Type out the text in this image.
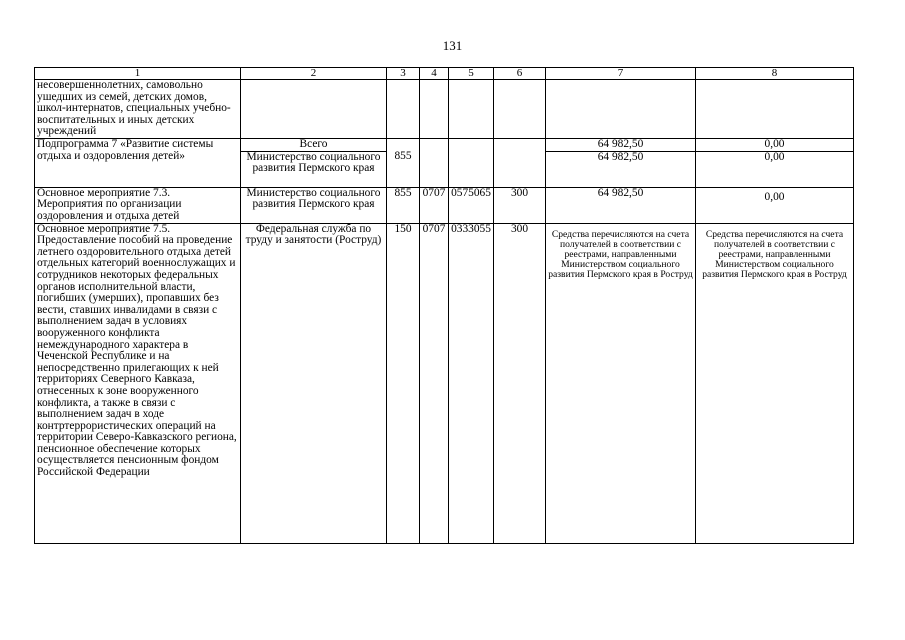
131
1	2	3	4	5	6	7	8
несовершеннолетних, самовольно ушедших из семей, детских домов, школ-интернатов, специальных учебно-воспитательных и иных детских учреждений							
Подпрограмма 7 «Развитие системы отдыха и оздоровления детей»	Всего					64 982,50	0,00
	Министерство социального развития Пермского края	855				64 982,50	0,00
Основное мероприятие 7.3. Мероприятия по организации оздоровления и отдыха детей	Министерство социального развития Пермского края	855	0707	0575065	300	64 982,50	0,00
Основное мероприятие 7.5. Предоставление пособий на проведение летнего оздоровительного отдыха детей отдельных категорий военнослужащих и сотрудников некоторых федеральных органов исполнительной власти, погибших (умерших), пропавших без вести, ставших инвалидами в связи с выполнением задач в условиях вооруженного конфликта немеждународного характера в Чеченской Республике и на непосредственно прилегающих к ней территориях Северного Кавказа, отнесенных к зоне вооруженного конфликта, а также в связи с выполнением задач в ходе контртеррористических операций на территории Северо-Кавказского региона, пенсионное обеспечение которых осуществляется пенсионным фондом Российской Федерации	Федеральная служба по труду и занятости (Роструд)	150	0707	0333055	300	Средства перечисляются на счета получателей в соответствии с реестрами, направленными Министерством социального развития Пермского края в Роструд	Средства перечисляются на счета получателей в соответствии с реестрами, направленными Министерством социального развития Пермского края в Роструд
